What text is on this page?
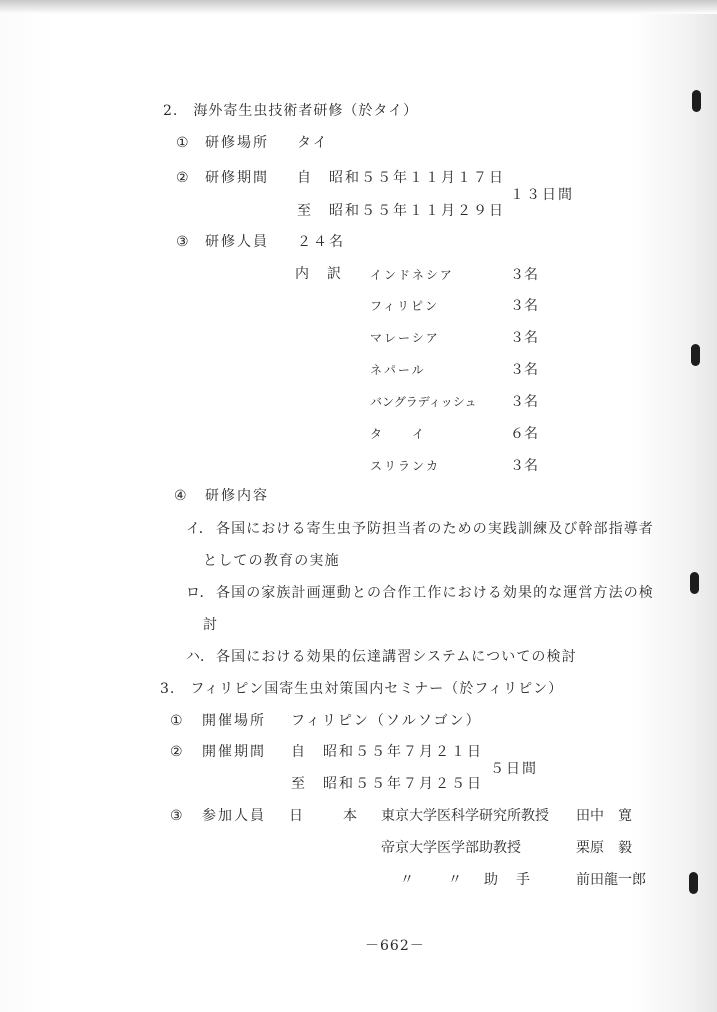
2.　海外寄生虫技術者研修（於タイ）
① 研修場所 タイ
② 研修期間 自　昭和５５年１１月１７日
至　昭和５５年１１月２９日
１３日間
③ 研修人員 ２４名
内　訳 インドネシア	３名
フィリピン	３名
マレーシア	３名
ネパール	３名
バングラディッシュ ３名
タ　　イ	６名
スリランカ	３名
④ 研修内容
イ． 各国における寄生虫予防担当者のための実践訓練及び幹部指導者
としての教育の実施
ロ． 各国の家族計画運動との合作工作における効果的な運営方法の検
討
ハ． 各国における効果的伝達講習システムについての検討
3.　フィリピン国寄生虫対策国内セミナー（於フィリピン）
① 開催場所 フィリピン（ソルソゴン）
② 開催期間 自　昭和５５年７月２１日
至　昭和５５年７月２５日
５日間
③ 参加人員 日　　本 東京大学医科学研究所教授 田中　寛
帝京大学医学部助教授	栗原　毅
〃　　〃 助　手	前田龍一郎
－662－
